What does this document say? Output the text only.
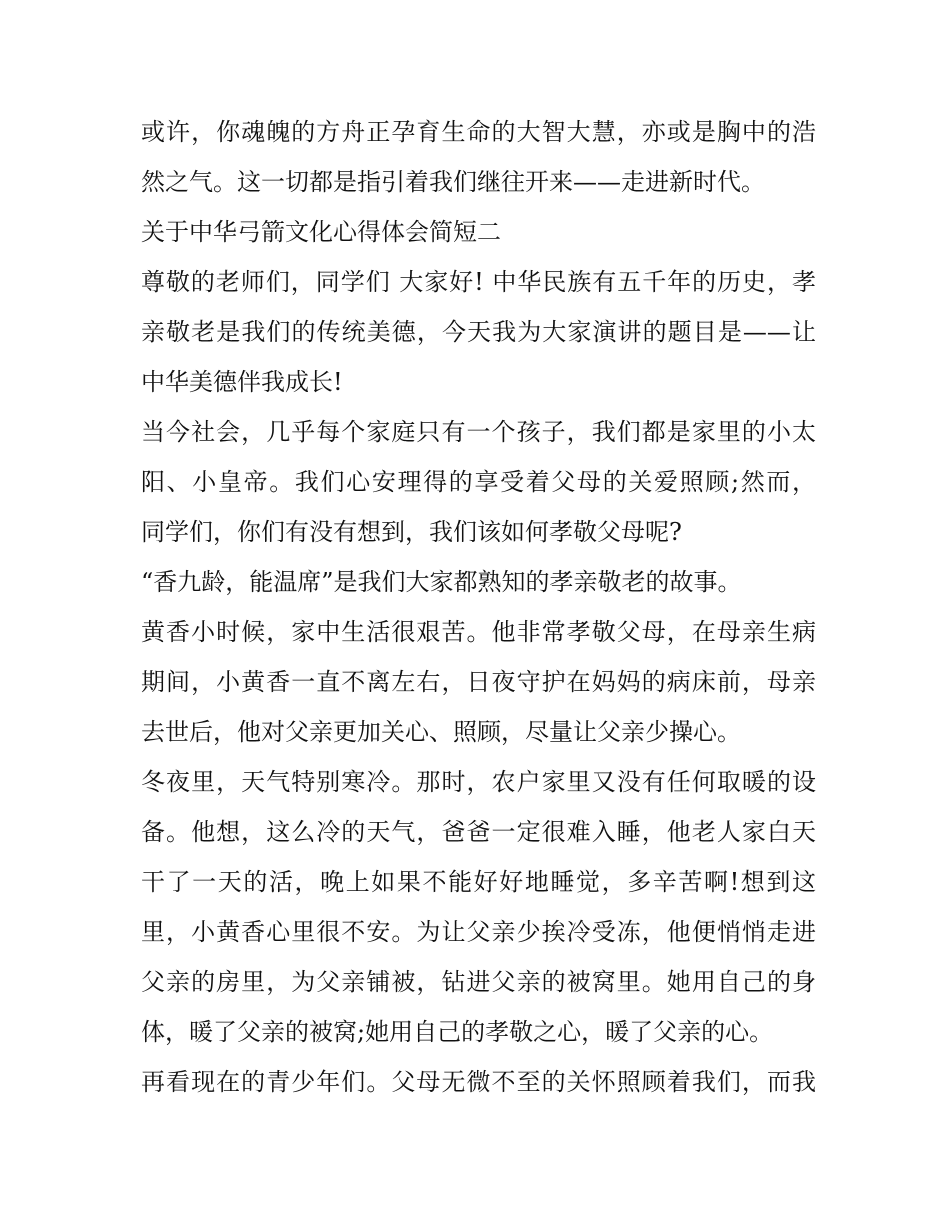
或许，你魂魄的方舟正孕育生命的大智大慧，亦或是胸中的浩
然之气。这一切都是指引着我们继往开来——走进新时代。
关于中华弓箭文化心得体会简短二
尊敬的老师们，同学们 大家好! 中华民族有五千年的历史，孝
亲敬老是我们的传统美德，今天我为大家演讲的题目是——让
中华美德伴我成长!
当今社会，几乎每个家庭只有一个孩子，我们都是家里的小太
阳、小皇帝。我们心安理得的享受着父母的关爱照顾;然而，
同学们，你们有没有想到，我们该如何孝敬父母呢?
“香九龄，能温席”是我们大家都熟知的孝亲敬老的故事。
黄香小时候，家中生活很艰苦。他非常孝敬父母，在母亲生病
期间，小黄香一直不离左右，日夜守护在妈妈的病床前，母亲
去世后，他对父亲更加关心、照顾，尽量让父亲少操心。
冬夜里，天气特别寒冷。那时，农户家里又没有任何取暖的设
备。他想，这么冷的天气，爸爸一定很难入睡，他老人家白天
干了一天的活，晚上如果不能好好地睡觉，多辛苦啊!想到这
里，小黄香心里很不安。为让父亲少挨冷受冻，他便悄悄走进
父亲的房里，为父亲铺被，钻进父亲的被窝里。她用自己的身
体，暖了父亲的被窝;她用自己的孝敬之心，暖了父亲的心。
再看现在的青少年们。父母无微不至的关怀照顾着我们，而我
